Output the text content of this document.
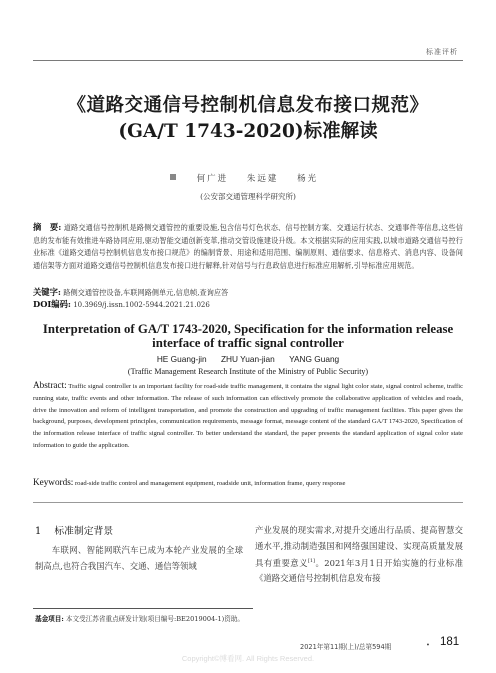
标准评析
《道路交通信号控制机信息发布接口规范》
(GA/T 1743-2020)标准解读
何广进 朱远建 杨光
(公安部交通管理科学研究所)
摘　要: 道路交通信号控制机是路侧交通管控的重要设施,包含信号灯色状态、信号控制方案、交通运行状态、交通事件等信息,这些信息的发布能有效推进车路协同应用,驱动智能交通创新变革,推动交管设施建设升级。本文根据实际的应用实践,以城市道路交通信号控行业标准《道路交通信号控制机信息发布接口规范》的编制背景、用途和适用范围、编制原则、通信要求、信息格式、消息内容、设备间通信架等方面对道路交通信号控制机信息发布接口进行解释,针对信号与行息政信息进行标准应用解析,引导标准应用规范。
关键字: 路侧交通管控设备,车联网路侧单元,信息帧,查询应答
DOI编码: 10.3969/j.issn.1002-5944.2021.21.026
Interpretation of GA/T 1743-2020, Specification for the information release
interface of traffic signal controller
HE Guang-jin ZHU Yuan-jian YANG Guang
(Traffic Management Research Institute of the Ministry of Public Security)
Abstract: Traffic signal controller is an important facility for road-side traffic management, it contains the signal light color state, signal control scheme, traffic running state, traffic events and other information. The release of such information can effectively promote the collaborative application of vehicles and roads, drive the innovation and reform of intelligent transportation, and promote the construction and upgrading of traffic management facilities. This paper gives the background, purposes, development principles, communication requirements, message format, message content of the standard GA/T 1743-2020, Specification of the information release interface of traffic signal controller. To better understand the standard, the paper presents the standard application of signal color state information to guide the application.
Keywords: road-side traffic control and management equipment, roadside unit, information frame, query response
1 标准制定背景
车联网、智能网联汽车已成为本轮产业发展的全球制高点,也符合我国汽车、交通、通信等领域
产业发展的现实需求,对提升交通出行品质、提高智慧交通水平,推动制造强国和网络强国建设、实现高质量发展具有重要意义[1]。2021年3月1日开始实施的行业标准《道路交通信号控制机信息发布接
基金项目: 本文受江苏省重点研发计划(项目编号:BE2019004-1)资助。
2021年第11期(上)/总第594期	• 181
Copyright©博看网. All Rights Reserved.
